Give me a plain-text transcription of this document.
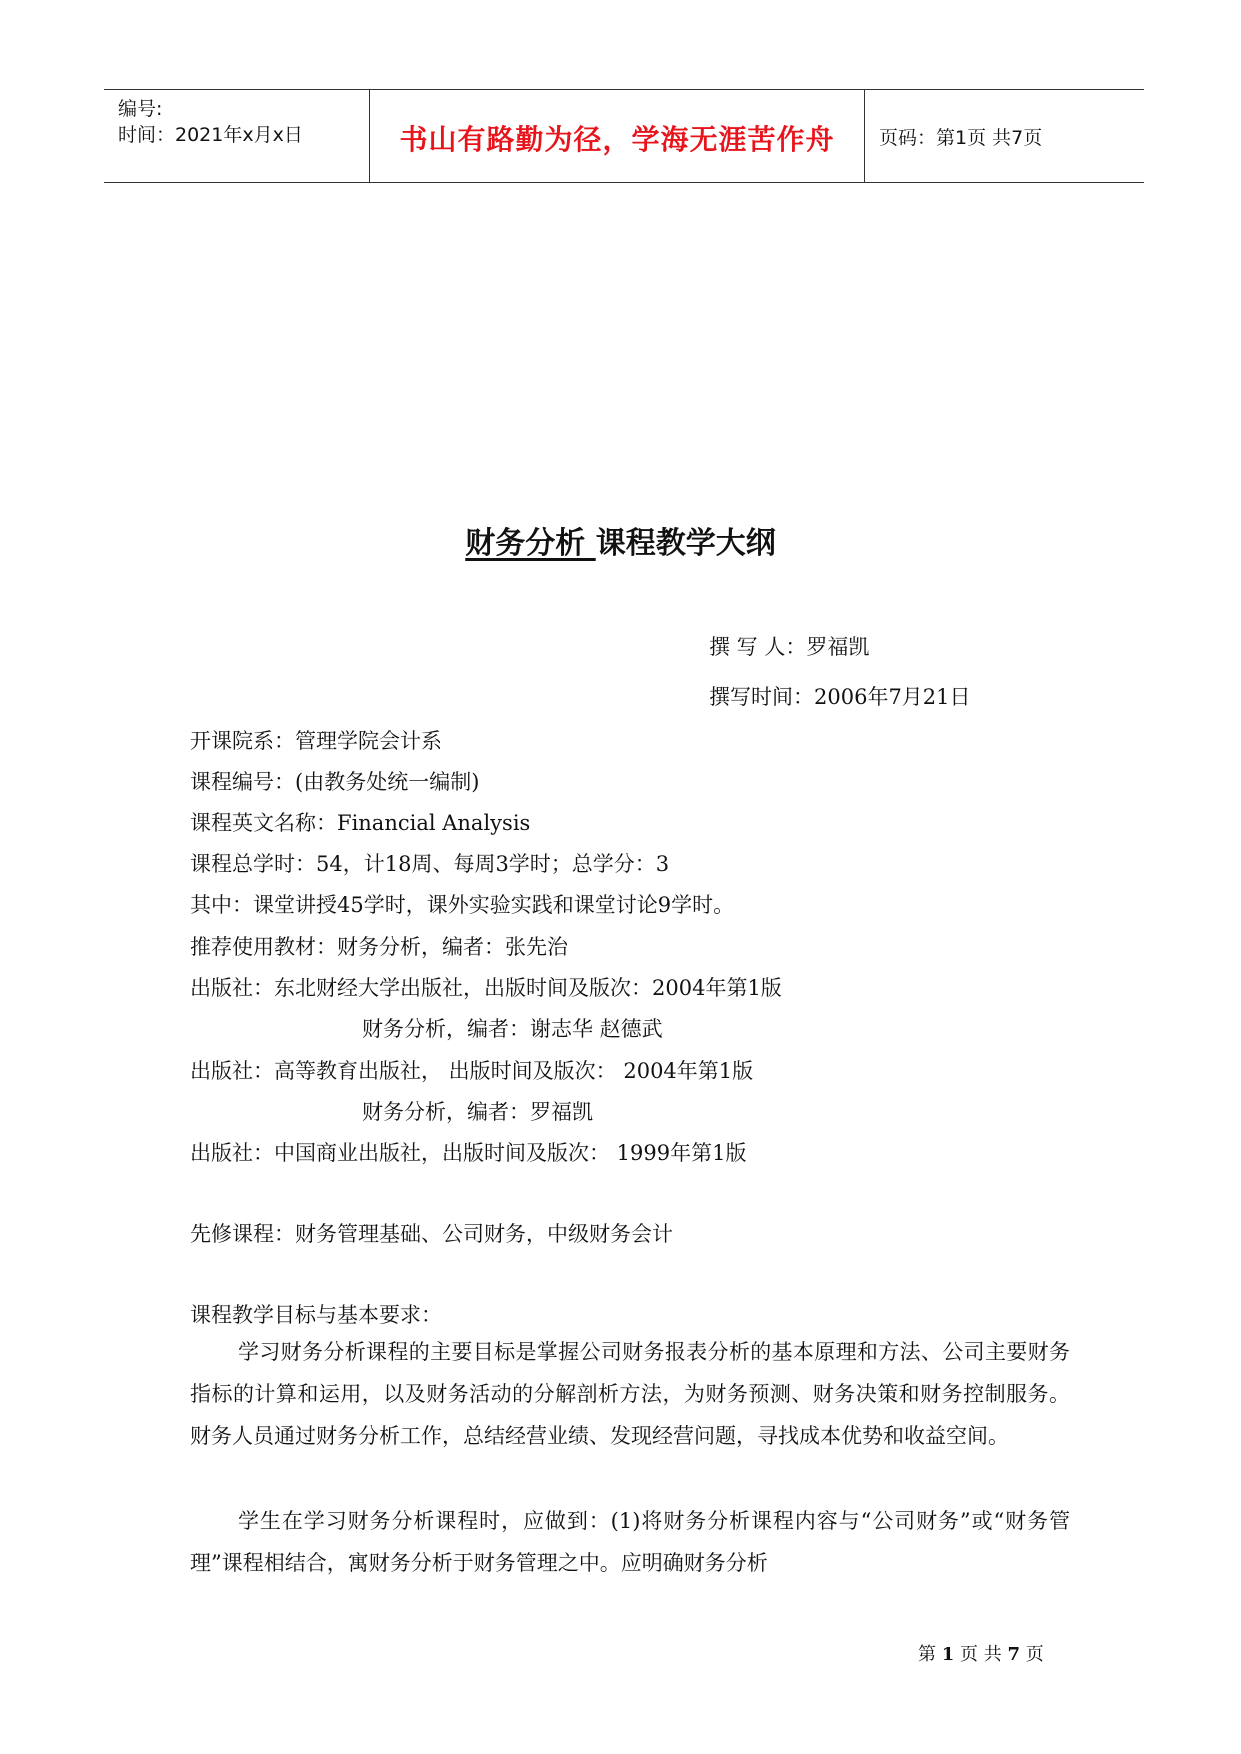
编号:
时间：2021年x月x日	书山有路勤为径，学海无涯苦作舟	页码：第1页 共7页
财务分析 课程教学大纲
撰 写 人：罗福凯
撰写时间：2006年7月21日
开课院系：管理学院会计系
课程编号：(由教务处统一编制)
课程英文名称：Financial Analysis
课程总学时：54，计18周、每周3学时；总学分：3
其中：课堂讲授45学时，课外实验实践和课堂讨论9学时。
推荐使用教材：财务分析，编者：张先治
出版社：东北财经大学出版社，出版时间及版次：2004年第1版
财务分析，编者：谢志华 赵德武
出版社：高等教育出版社， 出版时间及版次： 2004年第1版
财务分析，编者：罗福凯
出版社：中国商业出版社，出版时间及版次： 1999年第1版
先修课程：财务管理基础、公司财务，中级财务会计
课程教学目标与基本要求：
学习财务分析课程的主要目标是掌握公司财务报表分析的基本原理和方法、公司主要财务指标的计算和运用，以及财务活动的分解剖析方法，为财务预测、财务决策和财务控制服务。财务人员通过财务分析工作，总结经营业绩、发现经营问题，寻找成本优势和收益空间。
学生在学习财务分析课程时，应做到：(1)将财务分析课程内容与“公司财务”或“财务管理”课程相结合，寓财务分析于财务管理之中。应明确财务分析
第 1 页 共 7 页
